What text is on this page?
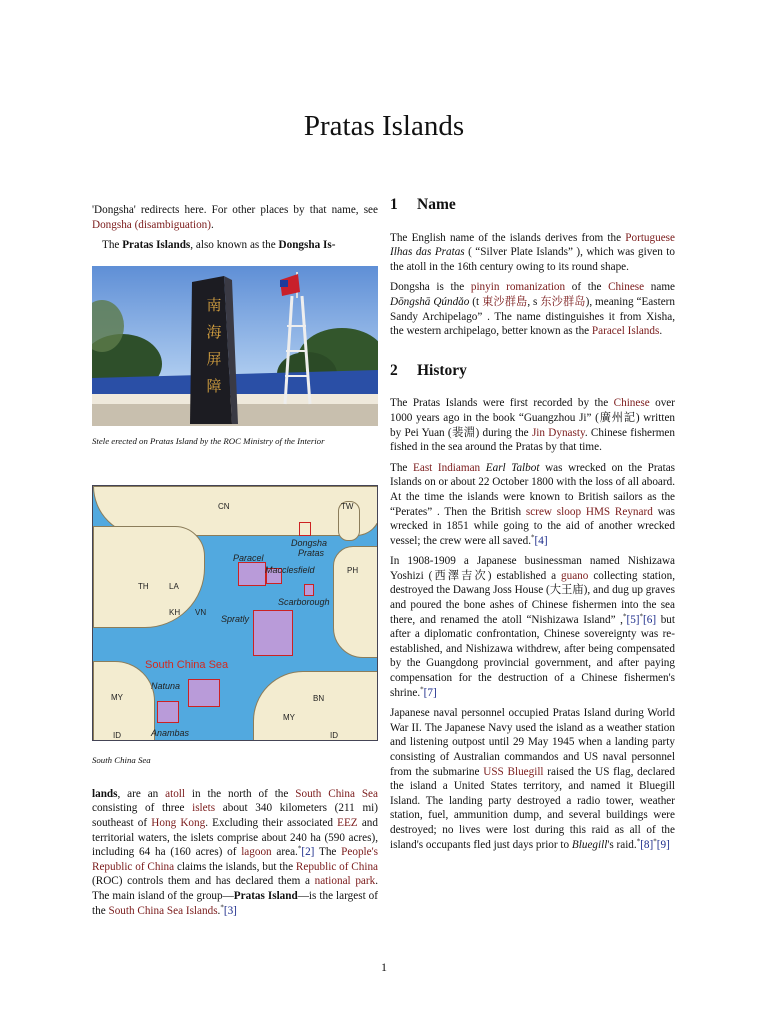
Pratas Islands

'Dongsha' redirects here. For other places by that name, see Dongsha (disambiguation).

The Pratas Islands, also known as the Dongsha Is-

南
海
屏
障

Stele erected on Pratas Island by the ROC Ministry of the Interior

CN	TW
Dongsha
Pratas
Paracel
Macclesfield	PH
TH	LA
Scarborough
KH VN
Spratly
South China Sea
Natuna
MY
MY
BN
ID	ID
Anambas

South China Sea

lands, are an atoll in the north of the South China Sea consisting of three islets about 340 kilometers (211 mi) southeast of Hong Kong. Excluding their associated EEZ and territorial waters, the islets comprise about 240 ha (590 acres), including 64 ha (160 acres) of lagoon area.*[2] The People's Republic of China claims the islands, but the Republic of China (ROC) controls them and has declared them a national park. The main island of the group—Pratas Island—is the largest of the South China Sea Islands.*[3]

1 Name

The English name of the islands derives from the Portuguese Ilhas das Pratas ( “Silver Plate Islands” ), which was given to the atoll in the 16th century owing to its round shape.

Dongsha is the pinyin romanization of the Chinese name Dōngshā Qúndǎo (t 東沙群島, s 东沙群岛), meaning “Eastern Sandy Archipelago” . The name distinguishes it from Xisha, the western archipelago, better known as the Paracel Islands.

2 History

The Pratas Islands were first recorded by the Chinese over 1000 years ago in the book “Guangzhou Ji” (廣州記) written by Pei Yuan (裴淵) during the Jin Dynasty. Chinese fishermen fished in the sea around the Pratas by that time.

The East Indiaman Earl Talbot was wrecked on the Pratas Islands on or about 22 October 1800 with the loss of all aboard. At the time the islands were known to British sailors as the “Perates” . Then the British screw sloop HMS Reynard was wrecked in 1851 while going to the aid of another wrecked vessel; the crew were all saved.*[4]

In 1908-1909 a Japanese businessman named Nishizawa Yoshizi (西澤吉次) established a guano collecting station, destroyed the Dawang Joss House (大王庙), and dug up graves and poured the bone ashes of Chinese fishermen into the sea there, and renamed the atoll “Nishizawa Island” ,*[5]*[6] but after a diplomatic confrontation, Chinese sovereignty was re-established, and Nishizawa withdrew, after being compensated by the Guangdong provincial government, and after paying compensation for the destruction of a Chinese fishermen's shrine.*[7]

Japanese naval personnel occupied Pratas Island during World War II. The Japanese Navy used the island as a weather station and listening outpost until 29 May 1945 when a landing party consisting of Australian commandos and US naval personnel from the submarine USS Bluegill raised the US flag, declared the island a United States territory, and named it Bluegill Island. The landing party destroyed a radio tower, weather station, fuel, ammunition dump, and several buildings were destroyed; no lives were lost during this raid as all of the island's occupants fled just days prior to Bluegill's raid.*[8]*[9]

1
